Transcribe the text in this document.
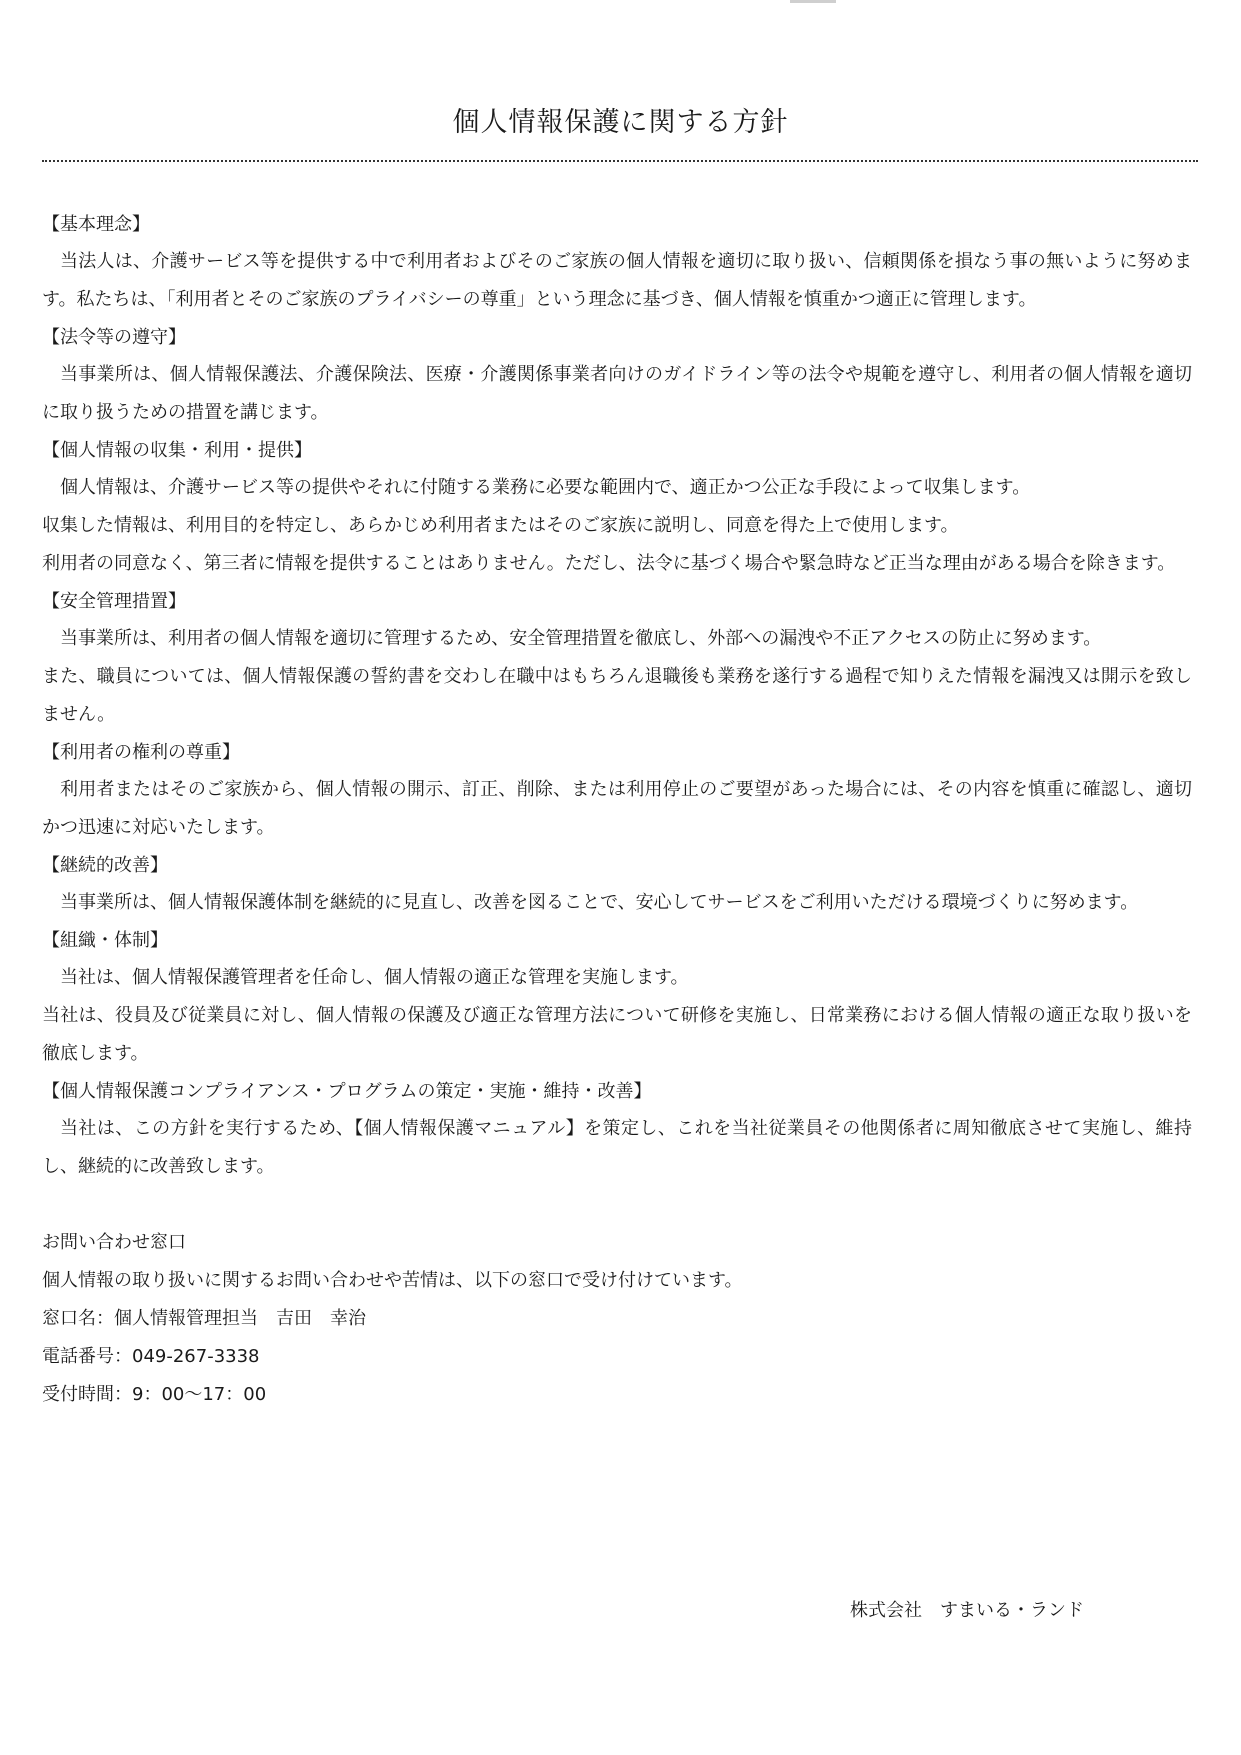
個人情報保護に関する方針
【基本理念】

当法人は、介護サービス等を提供する中で利用者およびそのご家族の個人情報を適切に取り扱い、信頼関係を損なう事の無いように努めます。私たちは、「利用者とそのご家族のプライバシーの尊重」という理念に基づき、個人情報を慎重かつ適正に管理します。

【法令等の遵守】

当事業所は、個人情報保護法、介護保険法、医療・介護関係事業者向けのガイドライン等の法令や規範を遵守し、利用者の個人情報を適切に取り扱うための措置を講じます。

【個人情報の収集・利用・提供】

個人情報は、介護サービス等の提供やそれに付随する業務に必要な範囲内で、適正かつ公正な手段によって収集します。

収集した情報は、利用目的を特定し、あらかじめ利用者またはそのご家族に説明し、同意を得た上で使用します。

利用者の同意なく、第三者に情報を提供することはありません。ただし、法令に基づく場合や緊急時など正当な理由がある場合を除きます。

【安全管理措置】

当事業所は、利用者の個人情報を適切に管理するため、安全管理措置を徹底し、外部への漏洩や不正アクセスの防止に努めます。

また、職員については、個人情報保護の誓約書を交わし在職中はもちろん退職後も業務を遂行する過程で知りえた情報を漏洩又は開示を致しません。

【利用者の権利の尊重】

利用者またはそのご家族から、個人情報の開示、訂正、削除、または利用停止のご要望があった場合には、その内容を慎重に確認し、適切かつ迅速に対応いたします。

【継続的改善】

当事業所は、個人情報保護体制を継続的に見直し、改善を図ることで、安心してサービスをご利用いただける環境づくりに努めます。

【組織・体制】

当社は、個人情報保護管理者を任命し、個人情報の適正な管理を実施します。

当社は、役員及び従業員に対し、個人情報の保護及び適正な管理方法について研修を実施し、日常業務における個人情報の適正な取り扱いを徹底します。

【個人情報保護コンプライアンス・プログラムの策定・実施・維持・改善】

当社は、この方針を実行するため、【個人情報保護マニュアル】を策定し、これを当社従業員その他関係者に周知徹底させて実施し、維持し、継続的に改善致します。

お問い合わせ窓口
個人情報の取り扱いに関するお問い合わせや苦情は、以下の窓口で受け付けています。
窓口名：個人情報管理担当　吉田　幸治
電話番号：049-267-3338
受付時間：9：00～17：00
株式会社　すまいる・ランド
